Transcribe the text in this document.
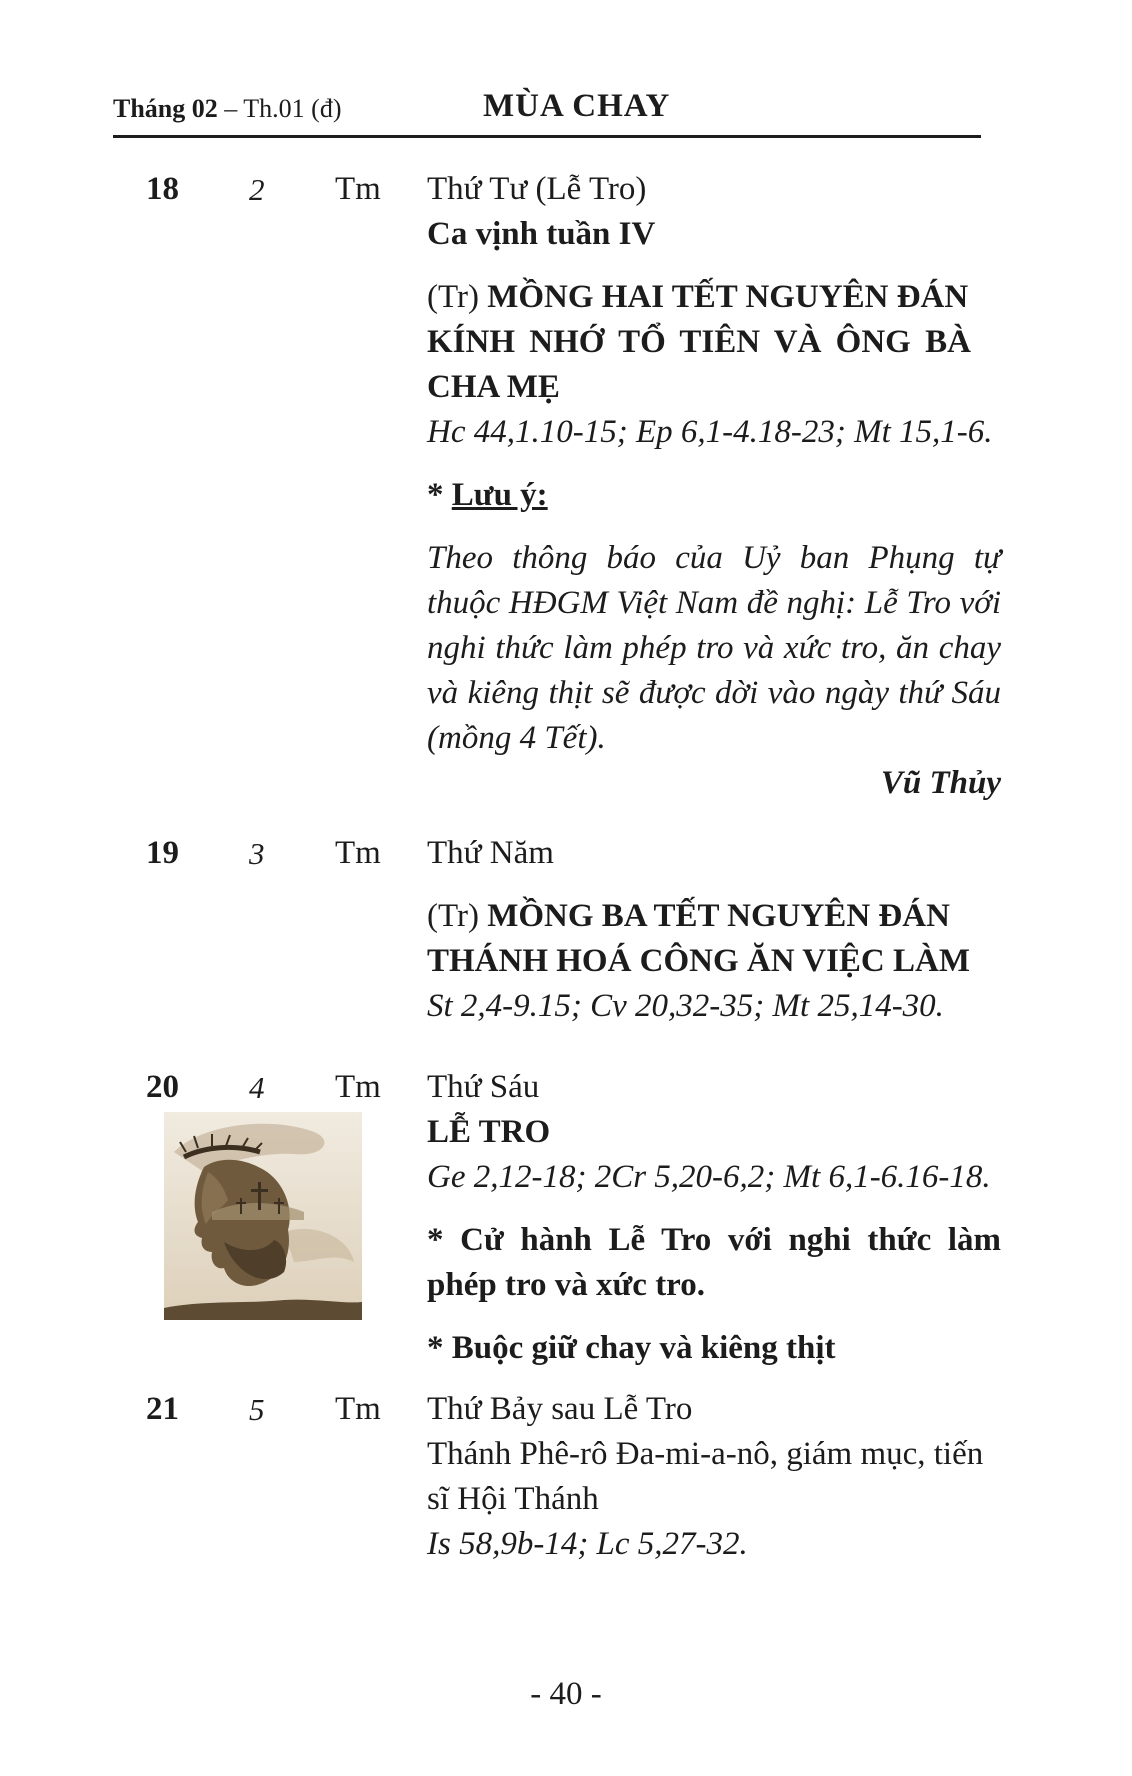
Tháng 02 – Th.01 (đ)	MÙA CHAY
18 2 Tm Thứ Tư (Lễ Tro)
Ca vịnh tuần IV
(Tr) MỒNG HAI TẾT NGUYÊN ĐÁN
KÍNH NHỚ TỔ TIÊN VÀ ÔNG BÀ
CHA MẸ
Hc 44,1.10-15; Ep 6,1-4.18-23; Mt 15,1-6.
* Lưu ý:
Theo thông báo của Uỷ ban Phụng tự thuộc HĐGM Việt Nam đề nghị: Lễ Tro với nghi thức làm phép tro và xức tro, ăn chay và kiêng thịt sẽ được dời vào ngày thứ Sáu (mồng 4 Tết).
Vũ Thủy
19 3 Tm Thứ Năm
(Tr) MỒNG BA TẾT NGUYÊN ĐÁN
THÁNH HOÁ CÔNG ĂN VIỆC LÀM
St 2,4-9.15; Cv 20,32-35; Mt 25,14-30.
20 4 Tm Thứ Sáu
LỄ TRO
Ge 2,12-18; 2Cr 5,20-6,2; Mt 6,1-6.16-18.
* Cử hành Lễ Tro với nghi thức làm phép tro và xức tro.
* Buộc giữ chay và kiêng thịt
21 5 Tm Thứ Bảy sau Lễ Tro
Thánh Phê-rô Đa-mi-a-nô, giám mục, tiến sĩ Hội Thánh
Is 58,9b-14; Lc 5,27-32.
- 40 -
